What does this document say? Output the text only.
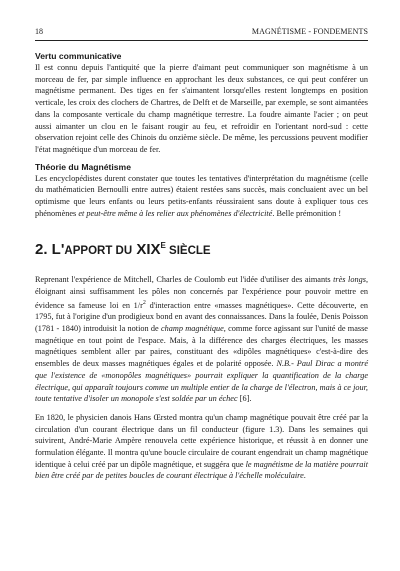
18	MAGNÉTISME - FONDEMENTS
Vertu communicative

Il est connu depuis l'antiquité que la pierre d'aimant peut communiquer son magnétisme à un morceau de fer, par simple influence en approchant les deux substances, ce qui peut conférer un magnétisme permanent. Des tiges en fer s'aimantent lorsqu'elles restent longtemps en position verticale, les croix des clochers de Chartres, de Delft et de Marseille, par exemple, se sont aimantées dans la composante verticale du champ magnétique terrestre. La foudre aimante l'acier ; on peut aussi aimanter un clou en le faisant rougir au feu, et refroidir en l'orientant nord-sud : cette observation rejoint celle des Chinois du onzième siècle. De même, les percussions peuvent modifier l'état magnétique d'un morceau de fer.

Théorie du Magnétisme

Les encyclopédistes durent constater que toutes les tentatives d'interprétation du magnétisme (celle du mathématicien Bernoulli entre autres) étaient restées sans succès, mais concluaient avec un bel optimisme que leurs enfants ou leurs petits-enfants réussiraient sans doute à expliquer tous ces phénomènes et peut-être même à les relier aux phénomènes d'électricité. Belle prémonition !

2. L'APPORT DU $XIX^E$ SIÈCLE

Reprenant l'expérience de Mitchell, Charles de Coulomb eut l'idée d'utiliser des aimants très longs, éloignant ainsi suffisamment les pôles non concernés par l'expérience pour pouvoir mettre en évidence sa fameuse loi en $1/r^2$ d'interaction entre «masses magnétiques». Cette découverte, en 1795, fut à l'origine d'un prodigieux bond en avant des connaissances. Dans la foulée, Denis Poisson (1781 - 1840) introduisit la notion de champ magnétique, comme force agissant sur l'unité de masse magnétique en tout point de l'espace. Mais, à la différence des charges électriques, les masses magnétiques semblent aller par paires, constituant des «dipôles magnétiques» c'est-à-dire des ensembles de deux masses magnétiques égales et de polarité opposée. N.B.- Paul Dirac a montré que l'existence de «monopôles magnétiques» pourrait expliquer la quantification de la charge électrique, qui apparaît toujours comme un multiple entier de la charge de l'électron, mais à ce jour, toute tentative d'isoler un monopole s'est soldée par un échec [6].

En 1820, le physicien danois Hans Œrsted montra qu'un champ magnétique pouvait être créé par la circulation d'un courant électrique dans un fil conducteur (figure 1.3). Dans les semaines qui suivirent, André-Marie Ampère renouvela cette expérience historique, et réussit à en donner une formulation élégante. Il montra qu'une boucle circulaire de courant engendrait un champ magnétique identique à celui créé par un dipôle magnétique, et suggéra que le magnétisme de la matière pourrait bien être créé par de petites boucles de courant électrique à l'échelle moléculaire.
